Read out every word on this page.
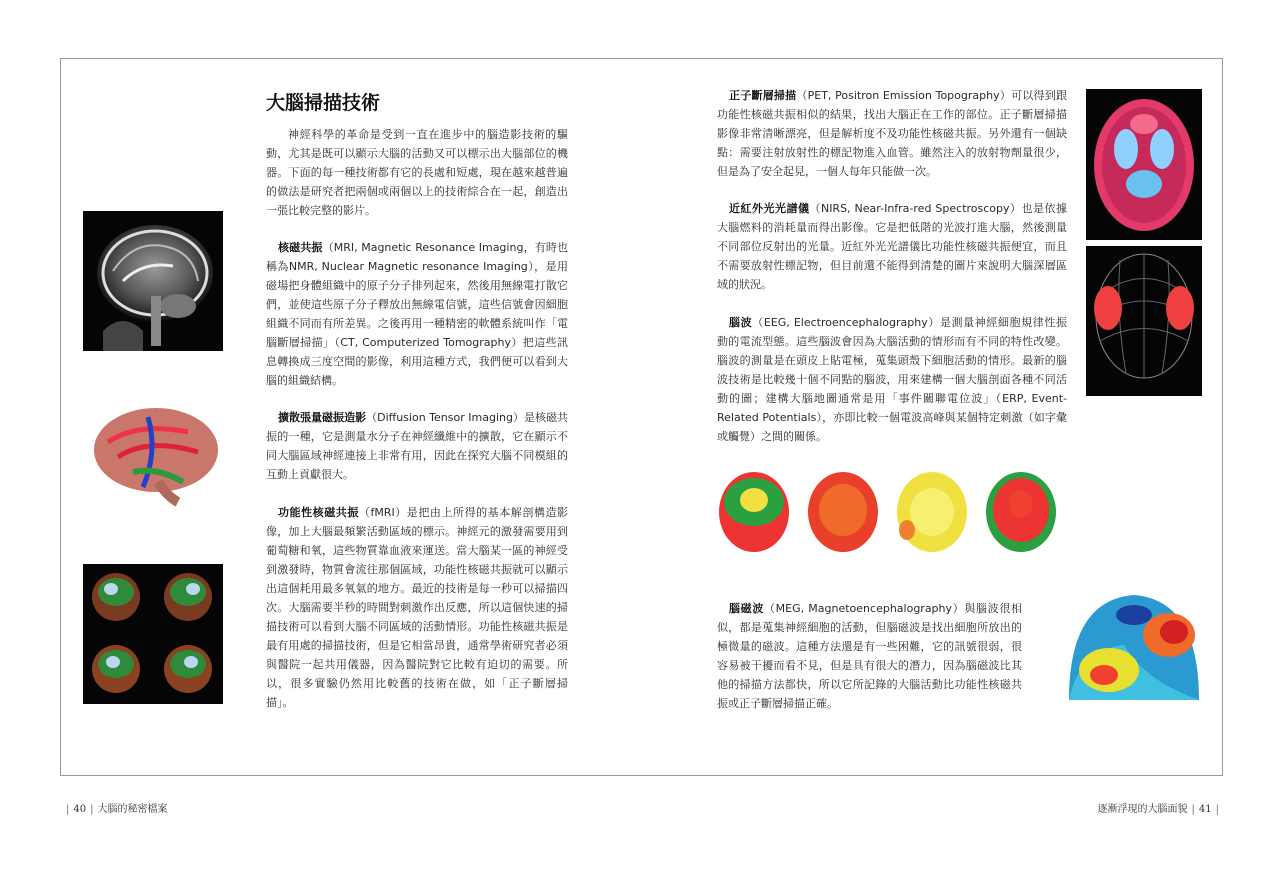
大腦掃描技術

神經科學的革命是受到一直在進步中的腦造影技術的驅動，尤其是既可以顯示大腦的活動又可以標示出大腦部位的機器。下面的每一種技術都有它的長處和短處，現在越來越普遍的做法是研究者把兩個或兩個以上的技術綜合在一起，創造出一張比較完整的影片。

核磁共振（MRI, Magnetic Resonance Imaging，有時也稱為NMR, Nuclear Magnetic resonance Imaging），是用磁場把身體組織中的原子分子排列起來，然後用無線電打散它們，並使這些原子分子釋放出無線電信號，這些信號會因細胞組織不同而有所差異。之後再用一種精密的軟體系統叫作「電腦斷層掃描」（CT, Computerized Tomography）把這些訊息轉換成三度空間的影像，利用這種方式，我們便可以看到大腦的組織結構。

擴散張量磁振造影（Diffusion Tensor Imaging）是核磁共振的一種，它是測量水分子在神經纖維中的擴散，它在顯示不同大腦區域神經連接上非常有用，因此在探究大腦不同模組的互動上貢獻很大。

功能性核磁共振（fMRI）是把由上所得的基本解剖構造影像，加上大腦最頻繁活動區域的標示。神經元的激發需要用到葡萄糖和氧，這些物質靠血液來運送。當大腦某一區的神經受到激發時，物質會流往那個區域，功能性核磁共振就可以顯示出這個耗用最多氧氣的地方。最近的技術是每一秒可以掃描四次。大腦需要半秒的時間對刺激作出反應，所以這個快速的掃描技術可以看到大腦不同區域的活動情形。功能性核磁共振是最有用處的掃描技術，但是它相當昂貴，通常學術研究者必須與醫院一起共用儀器，因為醫院對它比較有迫切的需要。所以，很多實驗仍然用比較舊的技術在做，如「正子斷層掃描」。

正子斷層掃描（PET, Positron Emission Topography）可以得到跟功能性核磁共振相似的結果，找出大腦正在工作的部位。正子斷層掃描影像非常清晰漂亮，但是解析度不及功能性核磁共振。另外還有一個缺點：需要注射放射性的標記物進入血管。雖然注入的放射物劑量很少，但是為了安全起見，一個人每年只能做一次。

近紅外光光譜儀（NIRS, Near-Infra-red Spectroscopy）也是依據大腦燃料的消耗量而得出影像。它是把低階的光波打進大腦，然後測量不同部位反射出的光量。近紅外光光譜儀比功能性核磁共振便宜，而且不需要放射性標記物，但目前還不能得到清楚的圖片來說明大腦深層區域的狀況。

腦波（EEG, Electroencephalography）是測量神經細胞規律性振動的電流型態。這些腦波會因為大腦活動的情形而有不同的特性改變。腦波的測量是在頭皮上貼電極，蒐集頭殼下細胞活動的情形。最新的腦波技術是比較幾十個不同點的腦波，用來建構一個大腦剖面各種不同活動的圖；建構大腦地圖通常是用「事件關聯電位波」（ERP, Event-Related Potentials），亦即比較一個電波高峰與某個特定刺激（如字彙或觸覺）之間的關係。

腦磁波（MEG, Magnetoencephalography）與腦波很相似，都是蒐集神經細胞的活動，但腦磁波是找出細胞所放出的極微量的磁波。這種方法還是有一些困難，它的訊號很弱，很容易被干擾而看不見，但是具有很大的潛力，因為腦磁波比其他的掃描方法都快，所以它所記錄的大腦活動比功能性核磁共振或正子斷層掃描正確。

| 40 | 大腦的秘密檔案	逐漸浮現的大腦面貌 | 41 |
